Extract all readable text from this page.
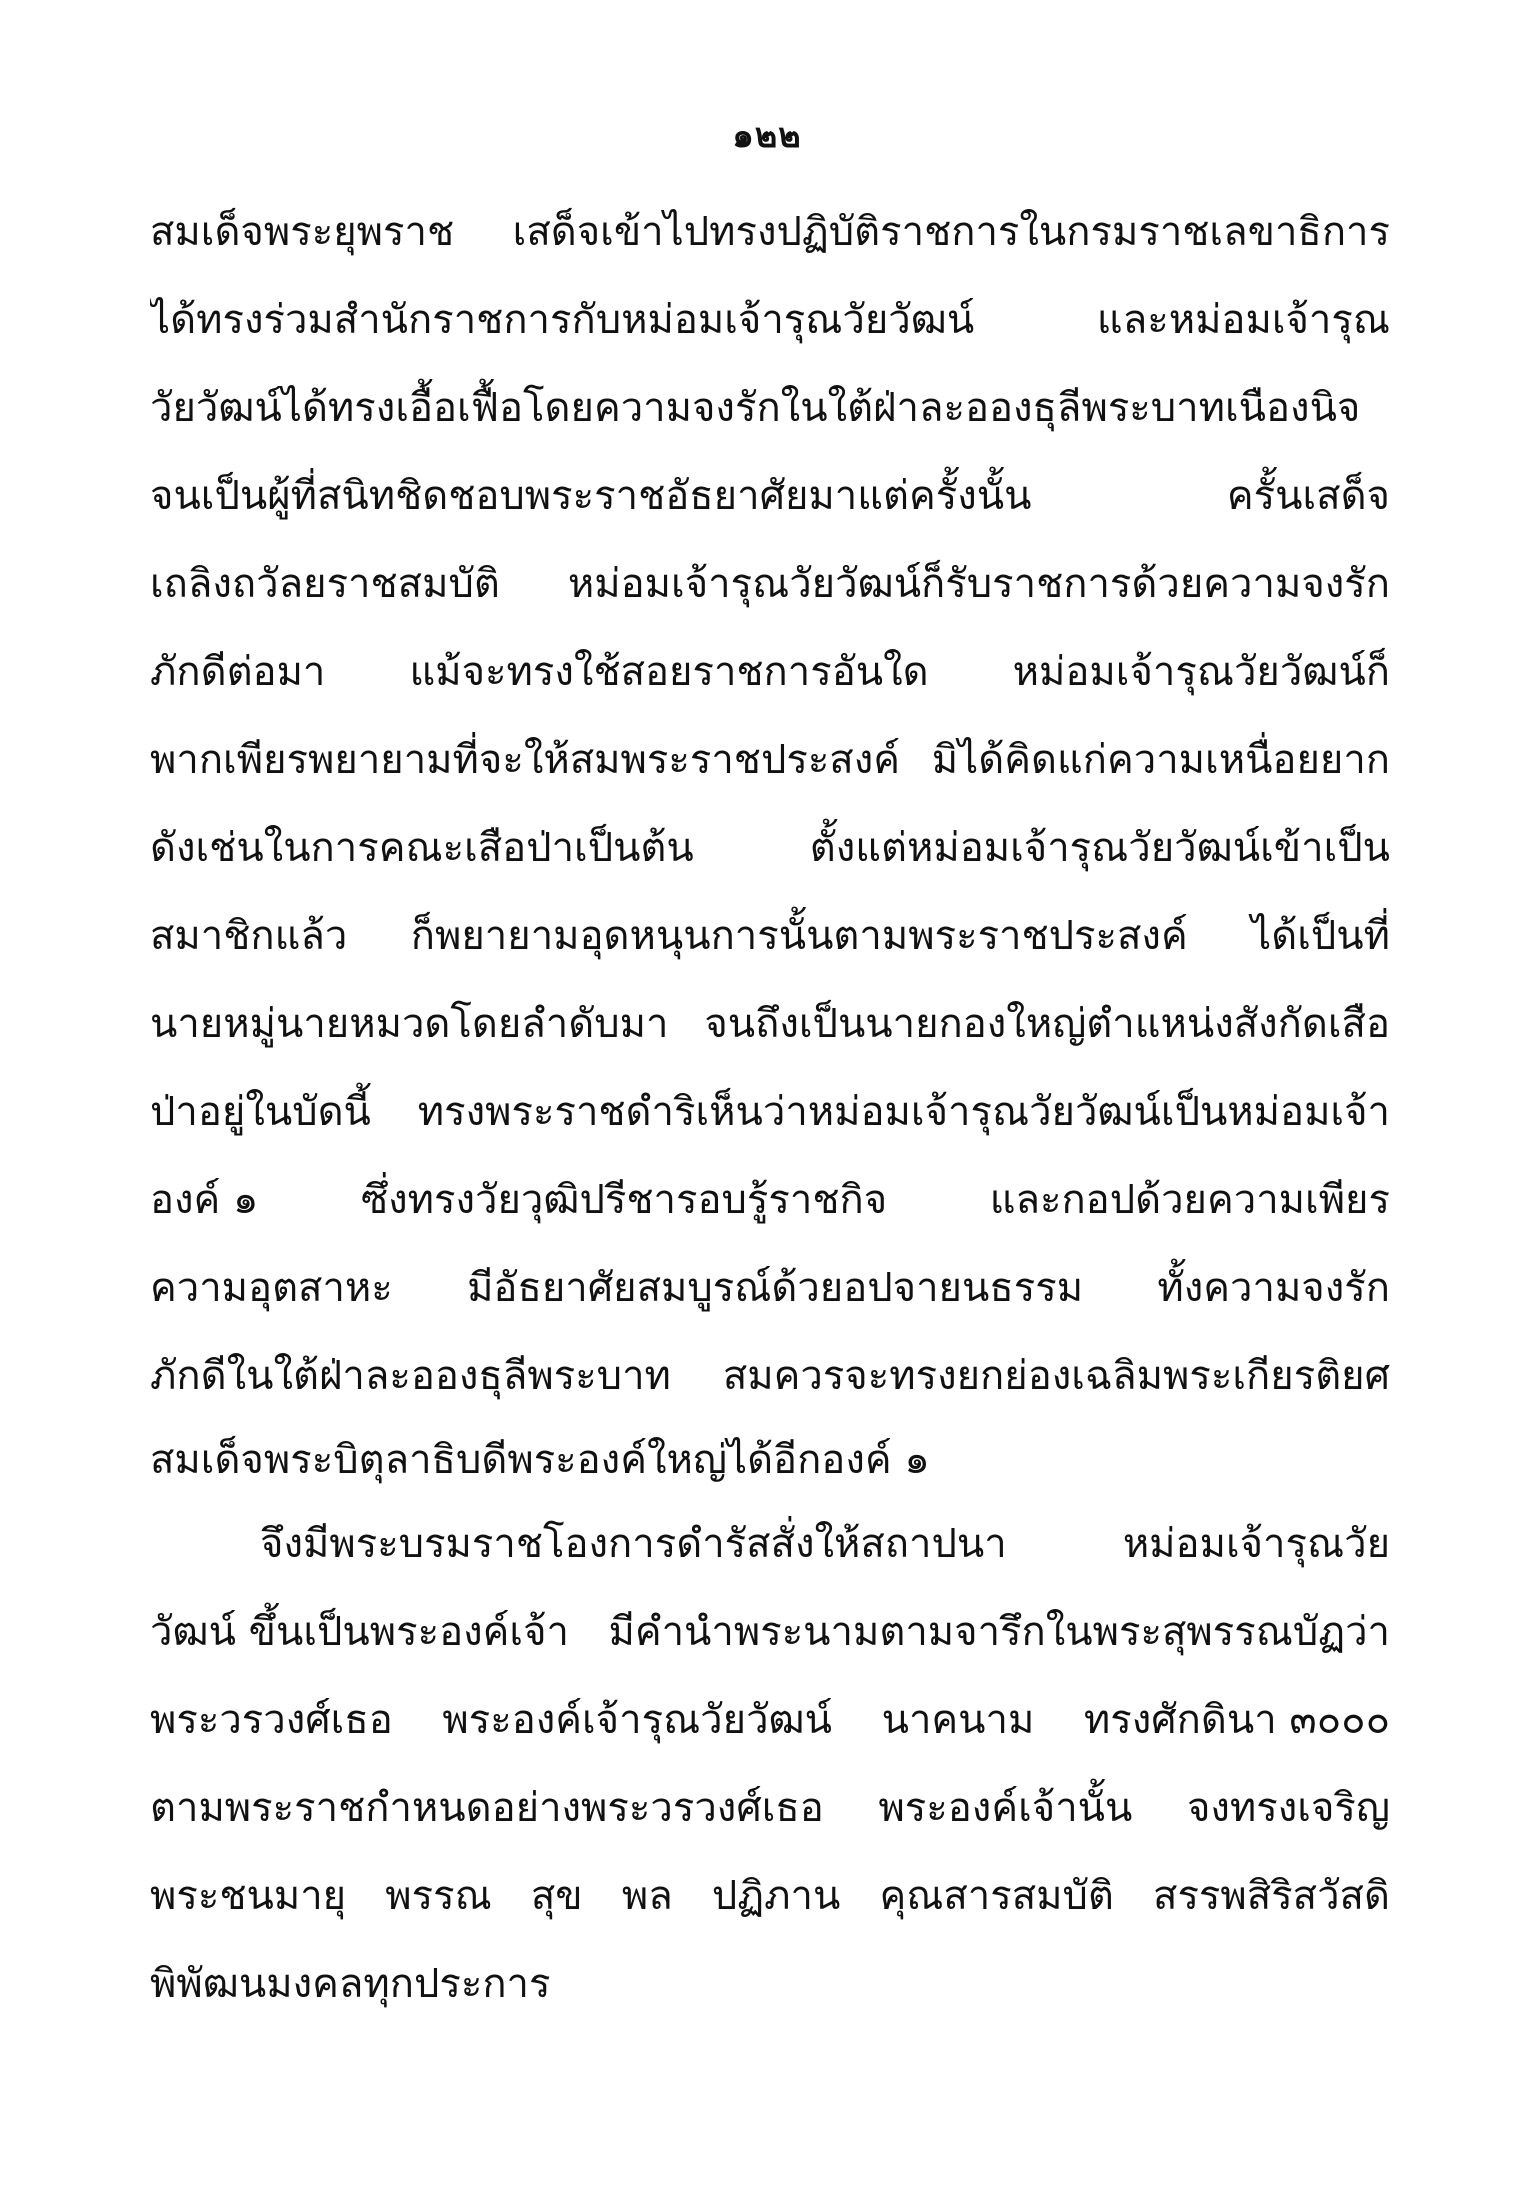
๑๒๒
สมเด็จพระยุพราช เสด็จเข้าไปทรงปฏิบัติราชการในกรมราชเลขาธิการ
ได้ทรงร่วมสำนักราชการกับหม่อมเจ้ารุณวัยวัฒน์	และหม่อมเจ้ารุณ
วัยวัฒน์ได้ทรงเอื้อเฟื้อโดยความจงรักในใต้ฝ่าละอองธุลีพระบาทเนืองนิจ
จนเป็นผู้ที่สนิทชิดชอบพระราชอัธยาศัยมาแต่ครั้งนั้น	ครั้นเสด็จ
เถลิงถวัลยราชสมบัติ หม่อมเจ้ารุณวัยวัฒน์ก็รับราชการด้วยความจงรัก
ภักดีต่อมา แม้จะทรงใช้สอยราชการอันใด หม่อมเจ้ารุณวัยวัฒน์ก็
พากเพียรพยายามที่จะให้สมพระราชประสงค์ มิได้คิดแก่ความเหนื่อยยาก
ดังเช่นในการคณะเสือป่าเป็นต้น	ตั้งแต่หม่อมเจ้ารุณวัยวัฒน์เข้าเป็น
สมาชิกแล้ว ก็พยายามอุดหนุนการนั้นตามพระราชประสงค์ ได้เป็นที่
นายหมู่นายหมวดโดยลำดับมา จนถึงเป็นนายกองใหญ่ตำแหน่งสังกัดเสือ
ป่าอยู่ในบัดนี้ ทรงพระราชดำริเห็นว่าหม่อมเจ้ารุณวัยวัฒน์เป็นหม่อมเจ้า
องค์ ๑	ซึ่งทรงวัยวุฒิปรีชารอบรู้ราชกิจ	และกอปด้วยความเพียร
ความอุตสาหะ มีอัธยาศัยสมบูรณ์ด้วยอปจายนธรรม ทั้งความจงรัก
ภักดีในใต้ฝ่าละอองธุลีพระบาท สมควรจะทรงยกย่องเฉลิมพระเกียรติยศ
สมเด็จพระบิตุลาธิบดีพระองค์ใหญ่ได้อีกองค์ ๑
จึงมีพระบรมราชโองการดำรัสสั่งให้สถาปนา	หม่อมเจ้ารุณวัย
วัฒน์ ขึ้นเป็นพระองค์เจ้า มีคำนำพระนามตามจารึกในพระสุพรรณบัฏว่า
พระวรวงศ์เธอ พระองค์เจ้ารุณวัยวัฒน์ นาคนาม ทรงศักดินา ๓๐๐๐
ตามพระราชกำหนดอย่างพระวรวงศ์เธอ พระองค์เจ้านั้น จงทรงเจริญ
พระชนมายุ พรรณ สุข พล ปฏิภาน คุณสารสมบัติ สรรพสิริสวัสดิ
พิพัฒนมงคลทุกประการ
